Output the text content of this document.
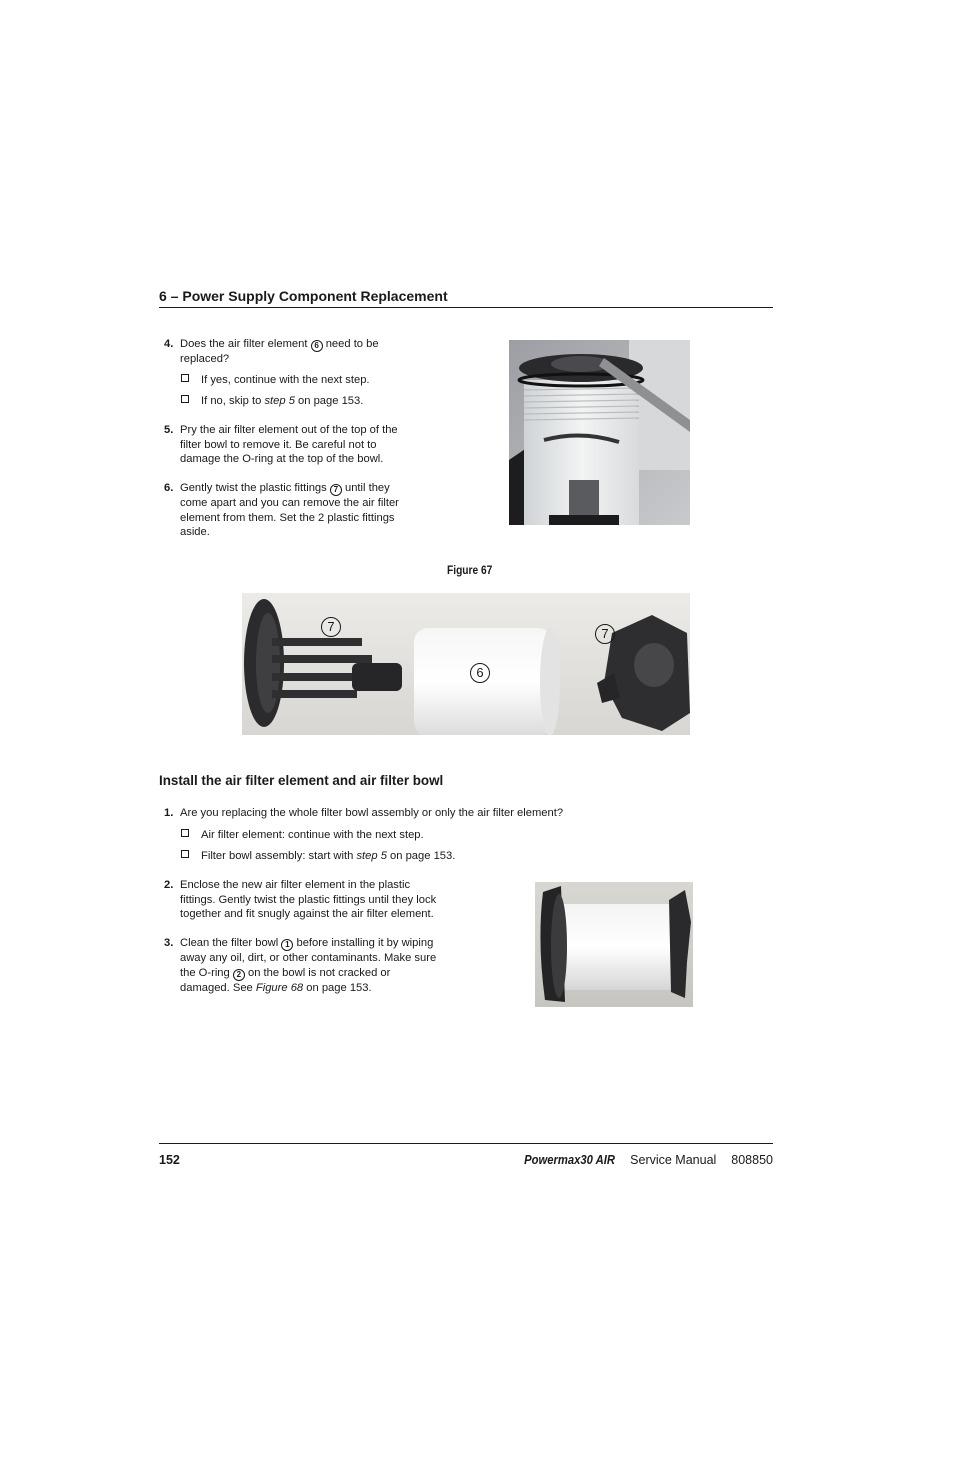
6 – Power Supply Component Replacement
4. Does the air filter element 6 need to be
replaced?
If yes, continue with the next step.
If no, skip to step 5 on page 153.
5. Pry the air filter element out of the top of the
filter bowl to remove it. Be careful not to
damage the O-ring at the top of the bowl.
6. Gently twist the plastic fittings 7 until they
come apart and you can remove the air filter
element from them. Set the 2 plastic fittings
aside.
Figure 67
7
6
7
Install the air filter element and air filter bowl
1. Are you replacing the whole filter bowl assembly or only the air filter element?
Air filter element: continue with the next step.
Filter bowl assembly: start with step 5 on page 153.
2. Enclose the new air filter element in the plastic
fittings. Gently twist the plastic fittings until they lock
together and fit snugly against the air filter element.
3. Clean the filter bowl 1 before installing it by wiping
away any oil, dirt, or other contaminants. Make sure
the O-ring 2 on the bowl is not cracked or
damaged. See Figure 68 on page 153.
152	Powermax30 AIR Service Manual 808850
